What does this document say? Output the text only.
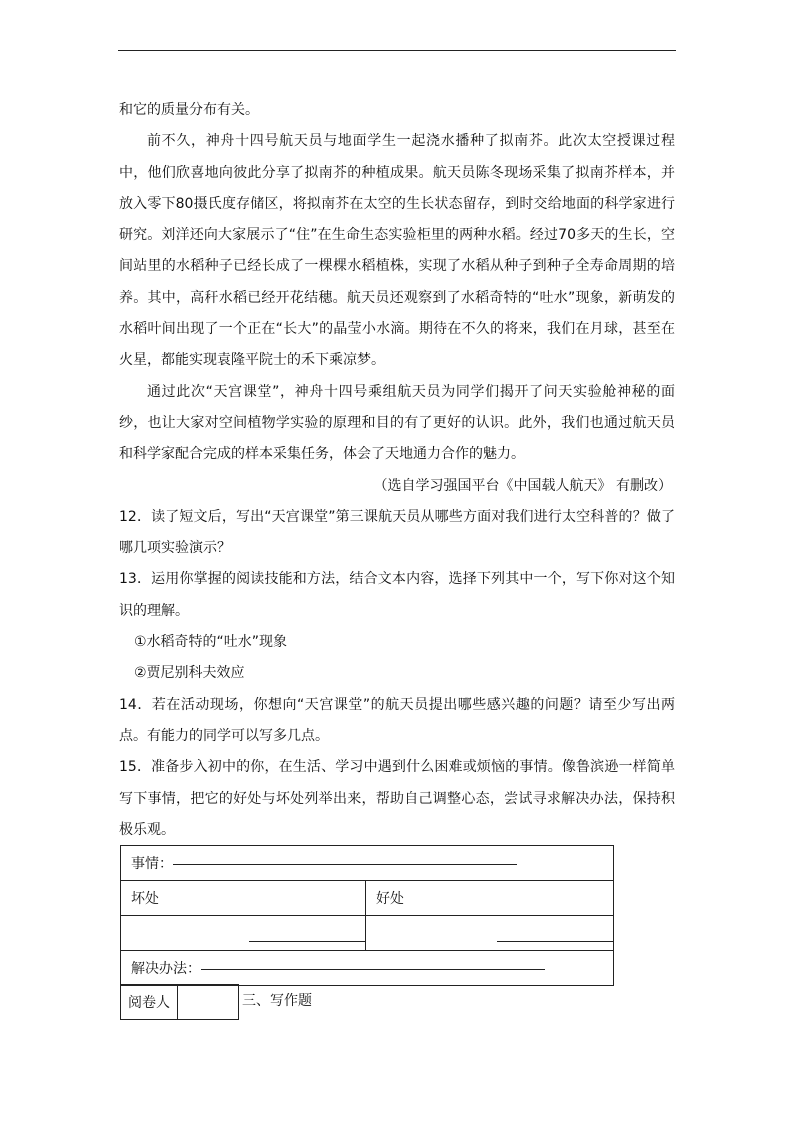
和它的质量分布有关。

前不久，神舟十四号航天员与地面学生一起浇水播种了拟南芥。此次太空授课过程中，他们欣喜地向彼此分享了拟南芥的种植成果。航天员陈冬现场采集了拟南芥样本，并放入零下80摄氏度存储区，将拟南芥在太空的生长状态留存，到时交给地面的科学家进行研究。刘洋还向大家展示了“住”在生命生态实验柜里的两种水稻。经过70多天的生长，空间站里的水稻种子已经长成了一棵棵水稻植株，实现了水稻从种子到种子全寿命周期的培养。其中，高秆水稻已经开花结穗。航天员还观察到了水稻奇特的“吐水”现象，新萌发的水稻叶间出现了一个正在“长大”的晶莹小水滴。期待在不久的将来，我们在月球，甚至在火星，都能实现袁隆平院士的禾下乘凉梦。

通过此次“天宫课堂”，神舟十四号乘组航天员为同学们揭开了问天实验舱神秘的面纱，也让大家对空间植物学实验的原理和目的有了更好的认识。此外，我们也通过航天员和科学家配合完成的样本采集任务，体会了天地通力合作的魅力。

（选自学习强国平台《中国载人航天》 有删改）

12．读了短文后，写出“天宫课堂”第三课航天员从哪些方面对我们进行太空科普的？做了哪几项实验演示？

13．运用你掌握的阅读技能和方法，结合文本内容，选择下列其中一个，写下你对这个知识的理解。

①水稻奇特的“吐水”现象

②贾尼别科夫效应

14．若在活动现场，你想向“天宫课堂”的航天员提出哪些感兴趣的问题？请至少写出两点。有能力的同学可以写多几点。

15．准备步入初中的你，在生活、学习中遇到什么困难或烦恼的事情。像鲁滨逊一样简单写下事情，把它的好处与坏处列举出来，帮助自己调整心态，尝试寻求解决办法，保持积极乐观。

事情：	
坏处	好处

解决办法：	
阅卷人		三、写作题
